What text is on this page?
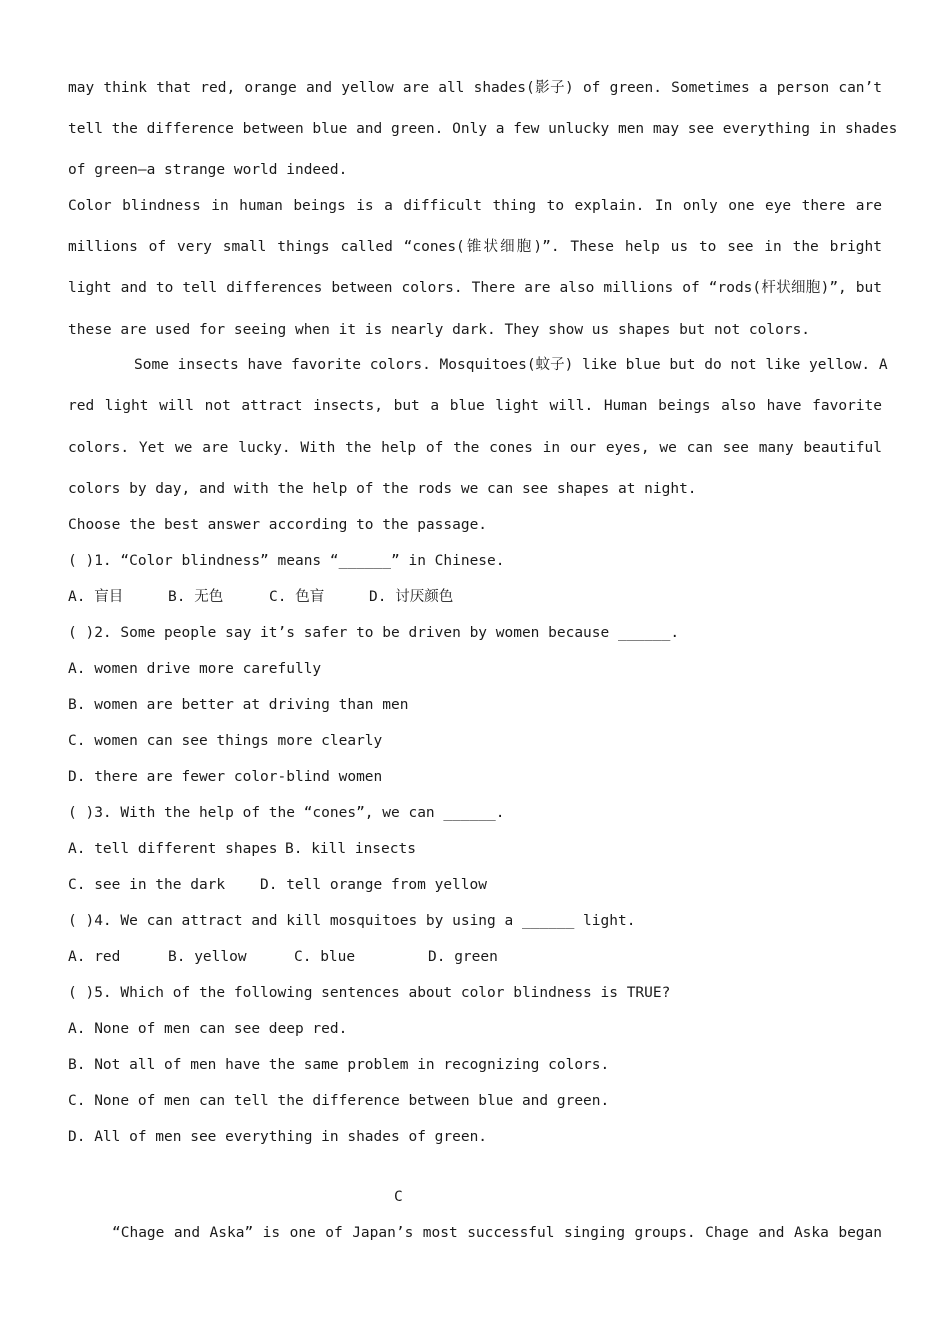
may think that red, orange and yellow are all shades(影子) of green. Sometimes a person can’t
tell the difference between blue and green. Only a few unlucky men may see everything in shades
of green—a strange world indeed.
Color blindness in human beings is a difficult thing to explain. In only one eye there are
millions of very small things called “cones(锥状细胞)”. These help us to see in the bright
light and to tell differences between colors. There are also millions of “rods(杆状细胞)”, but
these are used for seeing when it is nearly dark. They show us shapes but not colors.
Some insects have favorite colors. Mosquitoes(蚊子) like blue but do not like yellow. A
red light will not attract insects, but a blue light will. Human beings also have favorite
colors. Yet we are lucky. With the help of the cones in our eyes, we can see many beautiful
colors by day, and with the help of the rods we can see shapes at night.
Choose the best answer according to the passage.
( )1. “Color blindness” means “______” in Chinese.
A. 盲目	B. 无色	C. 色盲	D. 讨厌颜色
( )2. Some people say it’s safer to be driven by women because ______.
A. women drive more carefully
B. women are better at driving than men
C. women can see things more clearly
D. there are fewer color-blind women
( )3. With the help of the “cones”, we can ______.
A. tell different shapes B. kill insects
C. see in the dark D. tell orange from yellow
( )4. We can attract and kill mosquitoes by using a ______ light.
A. red	B. yellow	C. blue	D. green
( )5. Which of the following sentences about color blindness is TRUE?
A. None of men can see deep red.
B. Not all of men have the same problem in recognizing colors.
C. None of men can tell the difference between blue and green.
D. All of men see everything in shades of green.
C
“Chage and Aska” is one of Japan’s most successful singing groups. Chage and Aska began
